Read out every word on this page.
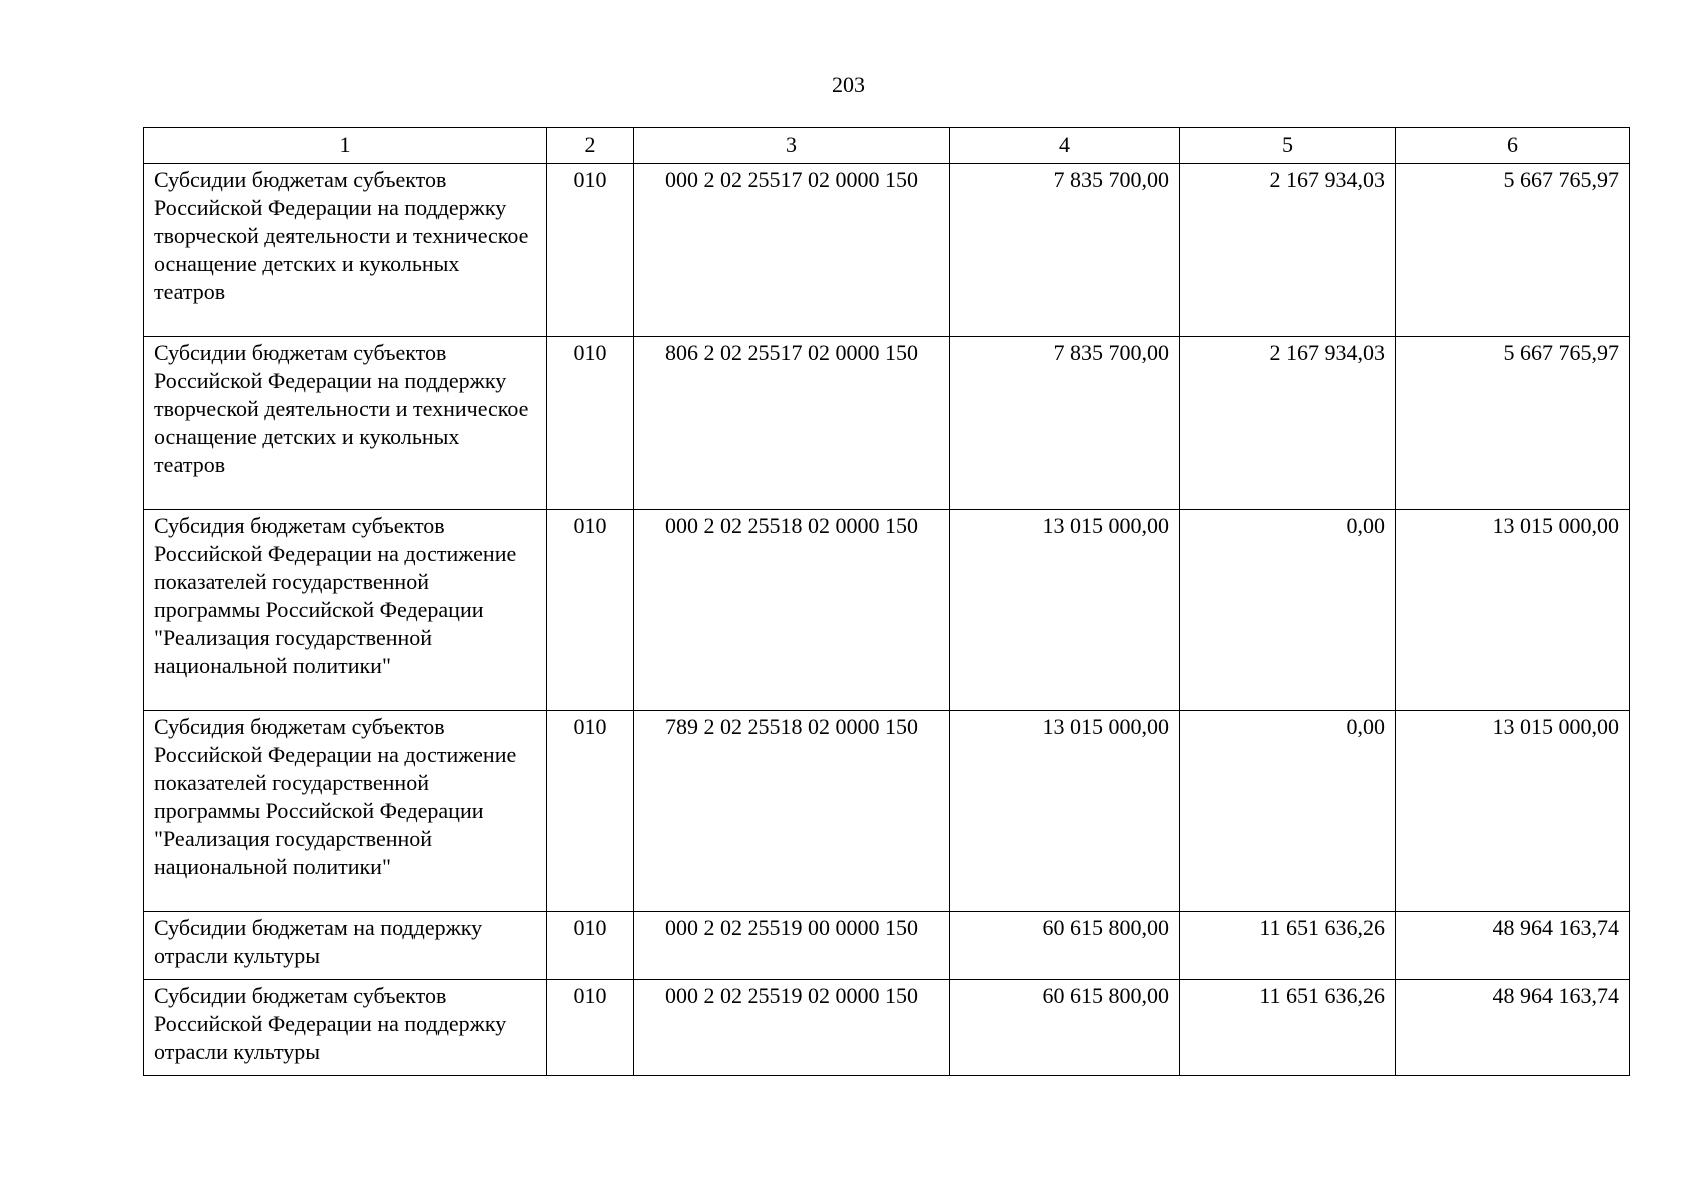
203
1	2	3	4	5	6
Субсидии бюджетам субъектов Российской Федерации на поддержку творческой деятельности и техническое оснащение детских и кукольных театров	010	000 2 02 25517 02 0000 150	7 835 700,00	2 167 934,03	5 667 765,97
Субсидии бюджетам субъектов Российской Федерации на поддержку творческой деятельности и техническое оснащение детских и кукольных театров	010	806 2 02 25517 02 0000 150	7 835 700,00	2 167 934,03	5 667 765,97
Субсидия бюджетам субъектов Российской Федерации на достижение показателей государственной программы Российской Федерации "Реализация государственной национальной политики"	010	000 2 02 25518 02 0000 150	13 015 000,00	0,00	13 015 000,00
Субсидия бюджетам субъектов Российской Федерации на достижение показателей государственной программы Российской Федерации "Реализация государственной национальной политики"	010	789 2 02 25518 02 0000 150	13 015 000,00	0,00	13 015 000,00
Субсидии бюджетам на поддержку отрасли культуры	010	000 2 02 25519 00 0000 150	60 615 800,00	11 651 636,26	48 964 163,74
Субсидии бюджетам субъектов Российской Федерации на поддержку отрасли культуры	010	000 2 02 25519 02 0000 150	60 615 800,00	11 651 636,26	48 964 163,74
